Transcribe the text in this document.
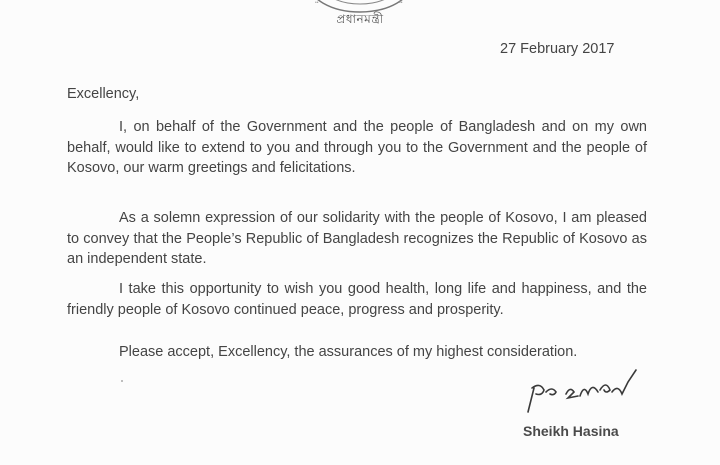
••	••
প্রধানমন্ত্রী
27 February 2017
Excellency,
I, on behalf of the Government and the people of Bangladesh and on my own behalf, would like to extend to you and through you to the Government and the people of Kosovo, our warm greetings and felicitations.
As a solemn expression of our solidarity with the people of Kosovo, I am pleased to convey that the People’s Republic of Bangladesh recognizes the Republic of Kosovo as an independent state.
I take this opportunity to wish you good health, long life and happiness, and the friendly people of Kosovo continued peace, progress and prosperity.
Please accept, Excellency, the assurances of my highest consideration.
Sheikh Hasina
